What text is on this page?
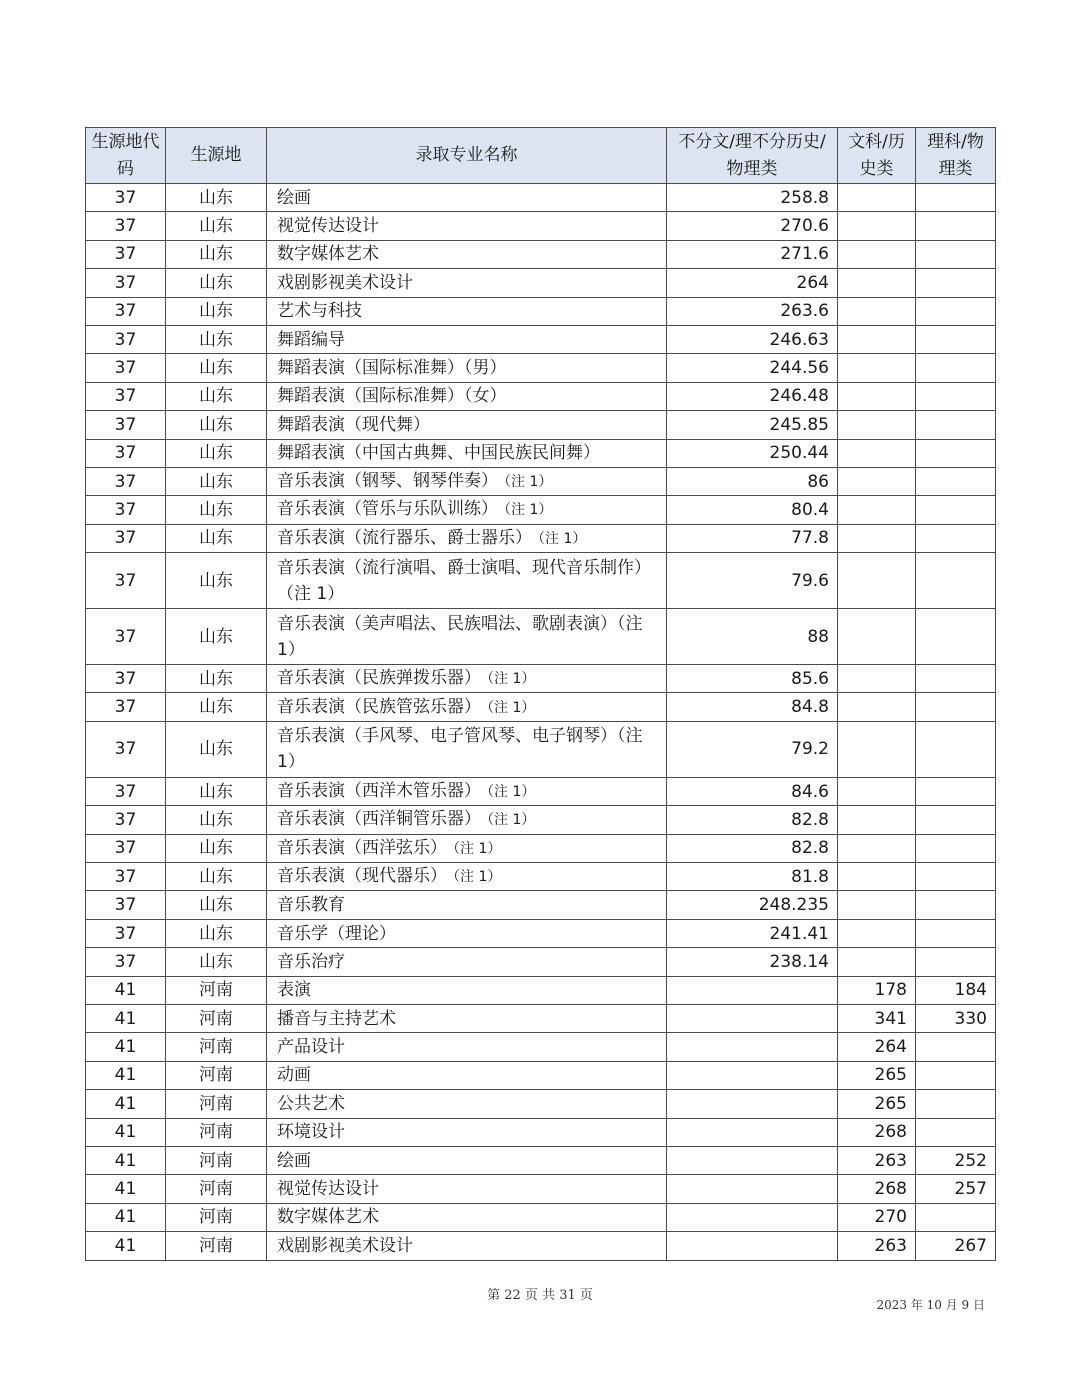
生源地代码	生源地	录取专业名称	不分文/理不分历史/物理类	文科/历史类	理科/物理类
37	山东	绘画	258.8		
37	山东	视觉传达设计	270.6		
37	山东	数字媒体艺术	271.6		
37	山东	戏剧影视美术设计	264		
37	山东	艺术与科技	263.6		
37	山东	舞蹈编导	246.63		
37	山东	舞蹈表演（国际标准舞）（男）	244.56		
37	山东	舞蹈表演（国际标准舞）（女）	246.48		
37	山东	舞蹈表演（现代舞）	245.85		
37	山东	舞蹈表演（中国古典舞、中国民族民间舞）	250.44		
37	山东	音乐表演（钢琴、钢琴伴奏） （注 1）	86		
37	山东	音乐表演（管乐与乐队训练） （注 1）	80.4		
37	山东	音乐表演（流行器乐、爵士器乐） （注 1）	77.8		
37	山东	音乐表演（流行演唱、爵士演唱、现代音乐制作）（注 1）	79.6		
37	山东	音乐表演（美声唱法、民族唱法、歌剧表演）（注 1）	88		
37	山东	音乐表演（民族弹拨乐器） （注 1）	85.6		
37	山东	音乐表演（民族管弦乐器） （注 1）	84.8		
37	山东	音乐表演（手风琴、电子管风琴、电子钢琴）（注 1）	79.2		
37	山东	音乐表演（西洋木管乐器） （注 1）	84.6		
37	山东	音乐表演（西洋铜管乐器） （注 1）	82.8		
37	山东	音乐表演（西洋弦乐） （注 1）	82.8		
37	山东	音乐表演（现代器乐） （注 1）	81.8		
37	山东	音乐教育	248.235		
37	山东	音乐学（理论）	241.41		
37	山东	音乐治疗	238.14		
41	河南	表演		178	184
41	河南	播音与主持艺术		341	330
41	河南	产品设计		264	
41	河南	动画		265	
41	河南	公共艺术		265	
41	河南	环境设计		268	
41	河南	绘画		263	252
41	河南	视觉传达设计		268	257
41	河南	数字媒体艺术		270	
41	河南	戏剧影视美术设计		263	267
第 22 页 共 31 页
2023 年 10 月 9 日
